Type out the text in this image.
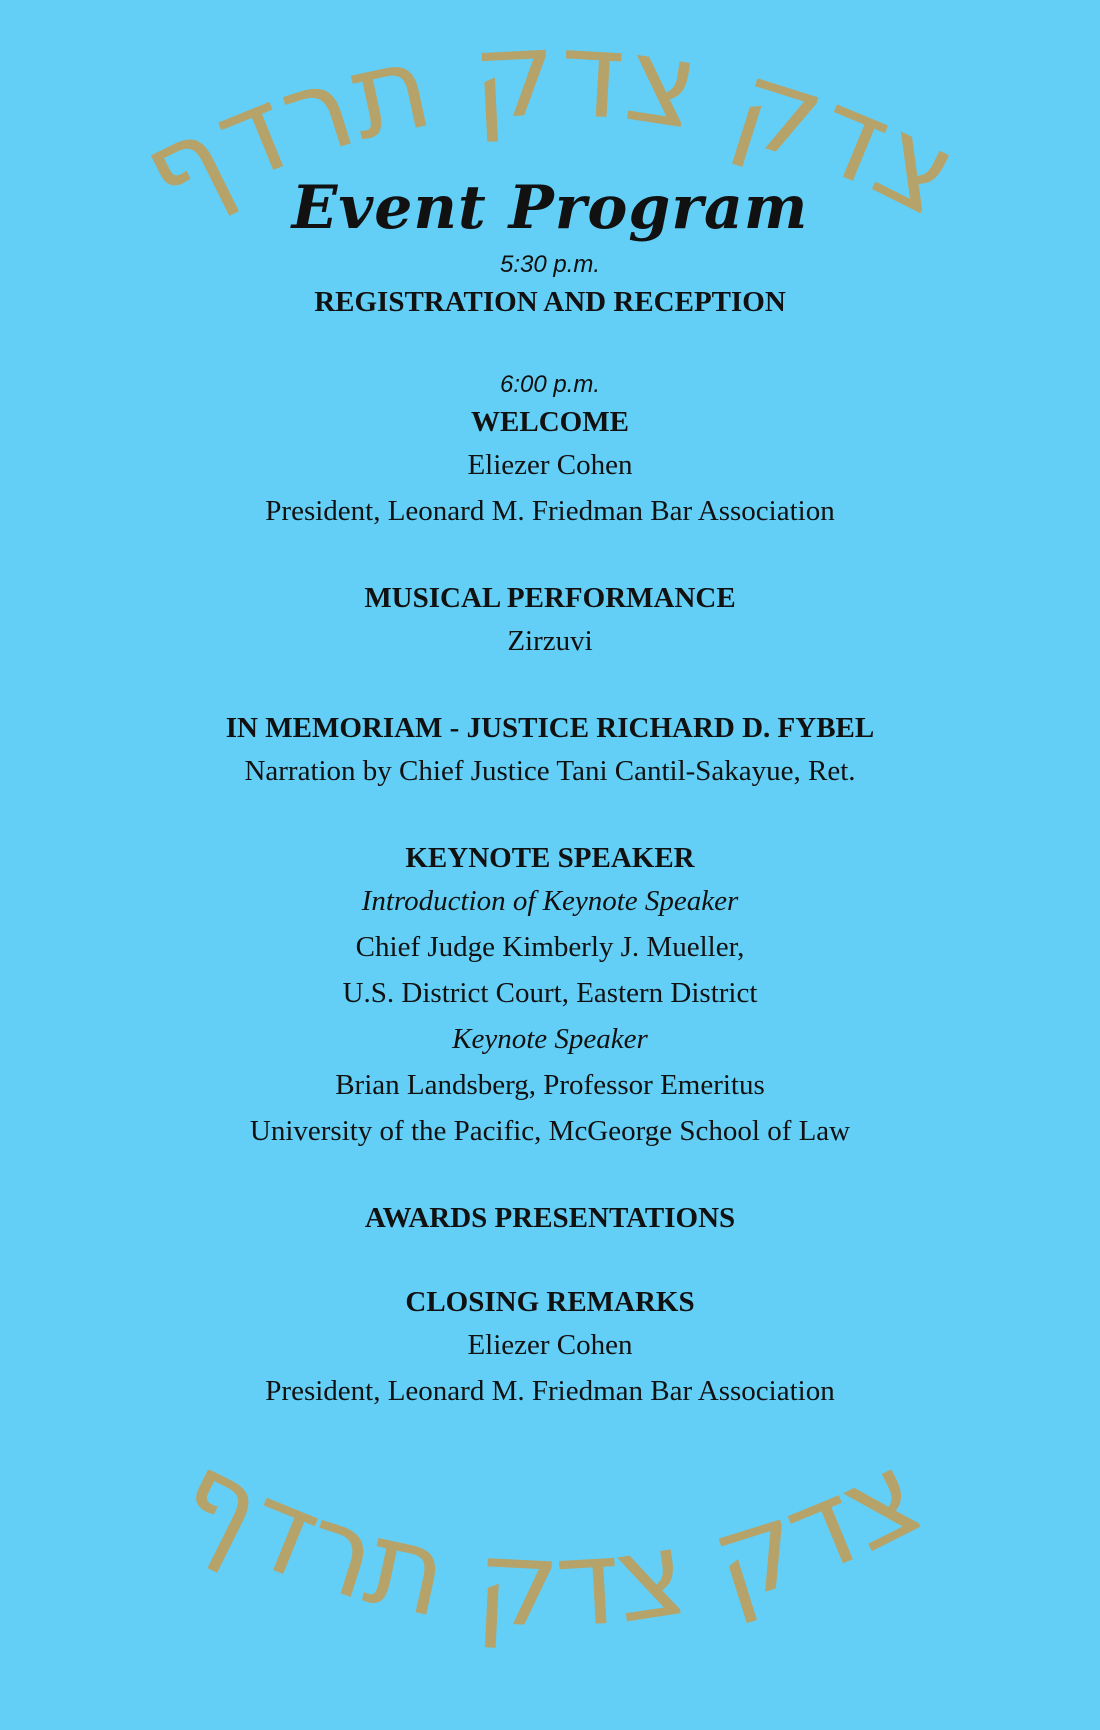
צדק צדק תרדף
Event Program
5:30 p.m.
REGISTRATION AND RECEPTION
6:00 p.m.
WELCOME
Eliezer Cohen
President, Leonard M. Friedman Bar Association
MUSICAL PERFORMANCE
Zirzuvi
IN MEMORIAM - JUSTICE RICHARD D. FYBEL
Narration by Chief Justice Tani Cantil-Sakayue, Ret.
KEYNOTE SPEAKER
Introduction of Keynote Speaker
Chief Judge Kimberly J. Mueller,
U.S. District Court, Eastern District
Keynote Speaker
Brian Landsberg, Professor Emeritus
University of the Pacific, McGeorge School of Law
AWARDS PRESENTATIONS
CLOSING REMARKS
Eliezer Cohen
President, Leonard M. Friedman Bar Association
צדק צדק תרדף
